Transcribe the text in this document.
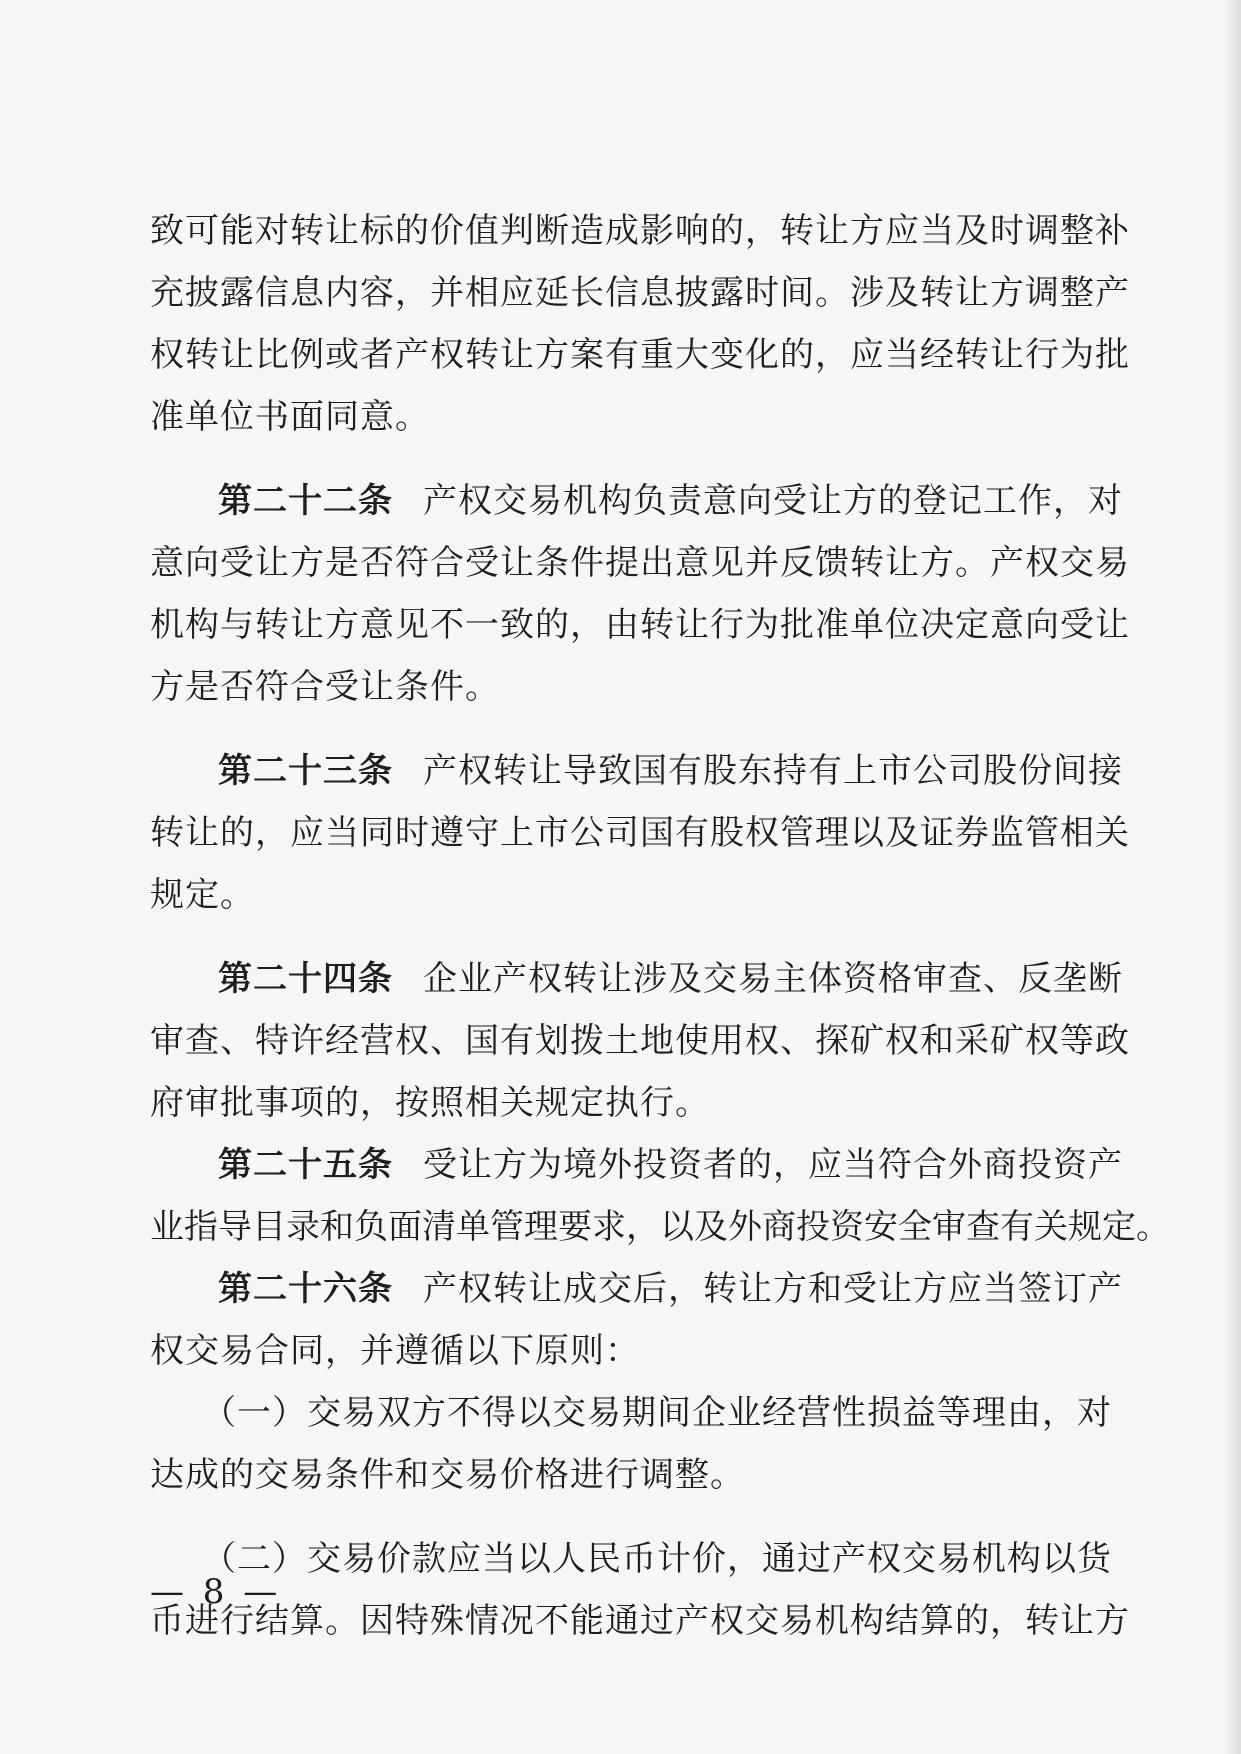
致可能对转让标的价值判断造成影响的，转让方应当及时调整补
充披露信息内容，并相应延长信息披露时间。涉及转让方调整产
权转让比例或者产权转让方案有重大变化的，应当经转让行为批
准单位书面同意。
第二十二条 产权交易机构负责意向受让方的登记工作，对
意向受让方是否符合受让条件提出意见并反馈转让方。产权交易
机构与转让方意见不一致的，由转让行为批准单位决定意向受让
方是否符合受让条件。
第二十三条 产权转让导致国有股东持有上市公司股份间接
转让的，应当同时遵守上市公司国有股权管理以及证券监管相关
规定。
第二十四条 企业产权转让涉及交易主体资格审查、反垄断
审查、特许经营权、国有划拨土地使用权、探矿权和采矿权等政
府审批事项的，按照相关规定执行。
第二十五条 受让方为境外投资者的，应当符合外商投资产
业指导目录和负面清单管理要求，以及外商投资安全审查有关规定。
第二十六条 产权转让成交后，转让方和受让方应当签订产
权交易合同，并遵循以下原则：
（一）交易双方不得以交易期间企业经营性损益等理由，对
达成的交易条件和交易价格进行调整。
（二）交易价款应当以人民币计价，通过产权交易机构以货
币进行结算。因特殊情况不能通过产权交易机构结算的，转让方
— 8 —
